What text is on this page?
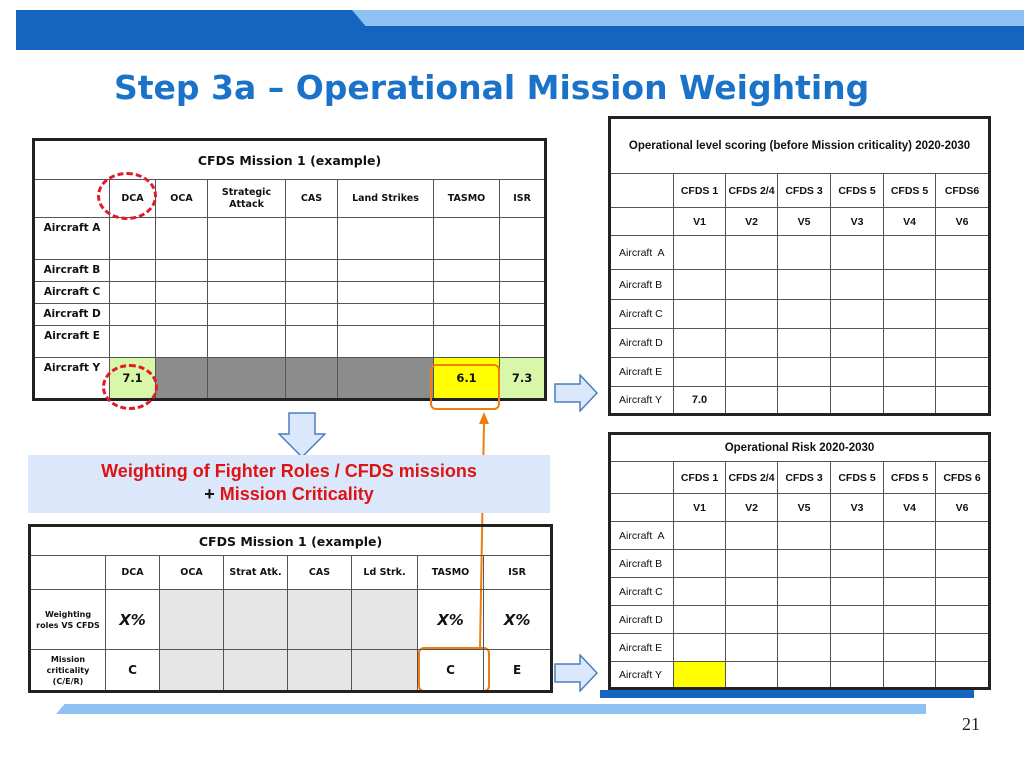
Step 3a – Operational Mission Weighting
CFDS Mission 1 (example)							
	DCA	OCA	Strategic Attack	CAS	Land Strikes	TASMO	ISR
Aircraft A							
Aircraft B							
Aircraft C							
Aircraft D							
Aircraft E							
Aircraft Y	7.1					6.1	7.3
Weighting of Fighter Roles / CFDS missions
+ Mission Criticality
CFDS Mission 1 (example)							
	DCA	OCA	Strat Atk.	CAS	Ld Strk.	TASMO	ISR
Weighting roles VS CFDS	X%					X%	X%
Mission criticality (C/E/R)	C					C	E
Operational level scoring (before Mission criticality) 2020-2030						
	CFDS 1	CFDS 2/4	CFDS 3	CFDS 5	CFDS 5	CFDS6
	V1	V2	V5	V3	V4	V6
Aircraft  A						
Aircraft B						
Aircraft C						
Aircraft D						
Aircraft E						
Aircraft Y	7.0					
Operational Risk 2020-2030						
	CFDS 1	CFDS 2/4	CFDS 3	CFDS 5	CFDS 5	CFDS 6
	V1	V2	V5	V3	V4	V6
Aircraft  A						
Aircraft B						
Aircraft C						
Aircraft D						
Aircraft E						
Aircraft Y						
21
